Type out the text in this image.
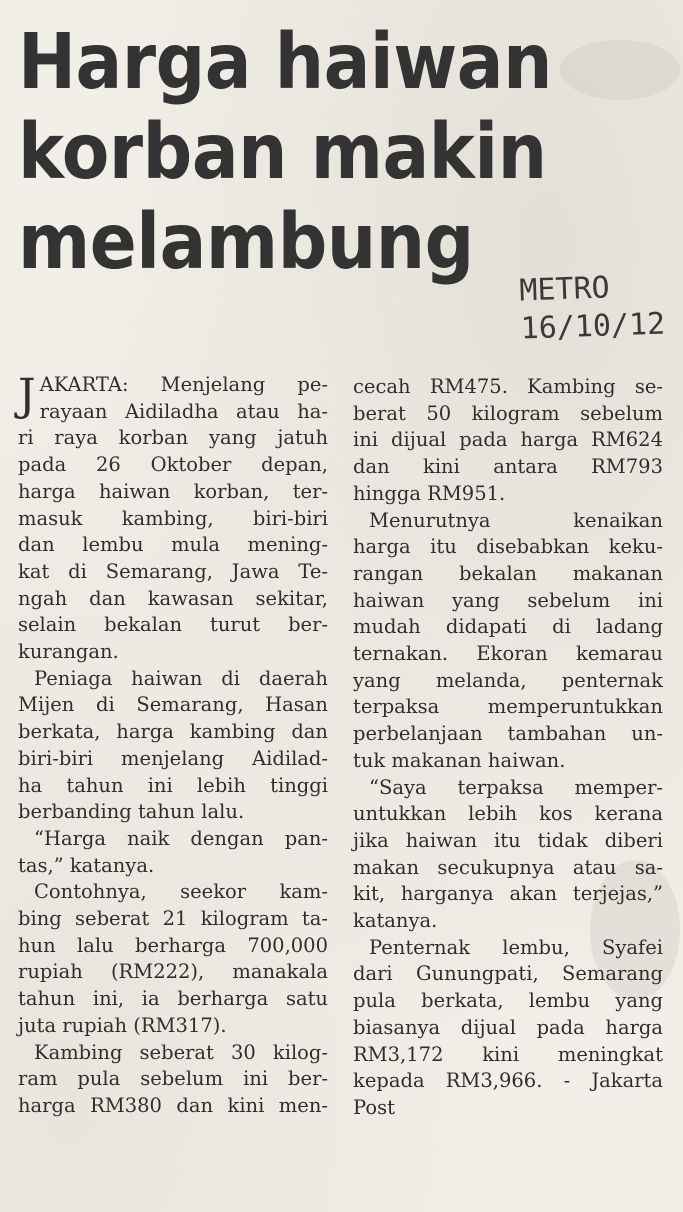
Harga haiwan
korban makin
melambung
METRO
16/10/12
J AKARTA: Menjelang pe-
rayaan Aidiladha atau ha-
ri raya korban yang jatuh
pada 26 Oktober depan,
harga haiwan korban, ter-
masuk kambing, biri-biri
dan lembu mula mening-
kat di Semarang, Jawa Te-
ngah dan kawasan sekitar,
selain bekalan turut ber-
kurangan.
Peniaga haiwan di daerah
Mijen di Semarang, Hasan
berkata, harga kambing dan
biri-biri menjelang Aidilad-
ha tahun ini lebih tinggi
berbanding tahun lalu.
“Harga naik dengan pan-
tas,” katanya.
Contohnya, seekor kam-
bing seberat 21 kilogram ta-
hun lalu berharga 700,000
rupiah (RM222), manakala
tahun ini, ia berharga satu
juta rupiah (RM317).
Kambing seberat 30 kilog-
ram pula sebelum ini ber-
harga RM380 dan kini men-
cecah RM475. Kambing se-
berat 50 kilogram sebelum
ini dijual pada harga RM624
dan kini antara RM793
hingga RM951.
Menurutnya kenaikan
harga itu disebabkan keku-
rangan bekalan makanan
haiwan yang sebelum ini
mudah didapati di ladang
ternakan. Ekoran kemarau
yang melanda, penternak
terpaksa memperuntukkan
perbelanjaan tambahan un-
tuk makanan haiwan.
“Saya terpaksa memper-
untukkan lebih kos kerana
jika haiwan itu tidak diberi
makan secukupnya atau sa-
kit, harganya akan terjejas,”
katanya.
Penternak lembu, Syafei
dari Gunungpati, Semarang
pula berkata, lembu yang
biasanya dijual pada harga
RM3,172 kini meningkat
kepada RM3,966. - Jakarta
Post
